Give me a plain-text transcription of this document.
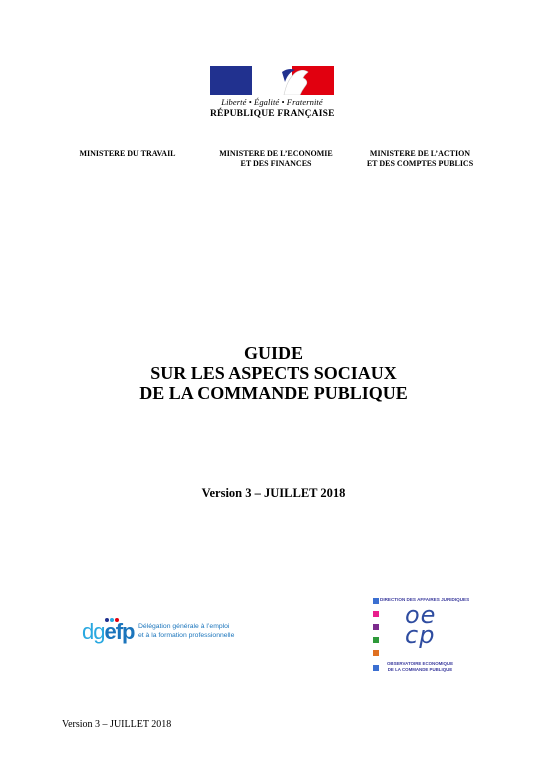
Liberté • Égalité • Fraternité
RÉPUBLIQUE FRANÇAISE
MINISTERE DU TRAVAIL	MINISTERE DE L’ECONOMIE
ET DES FINANCES
MINISTERE DE L’ACTION
ET DES COMPTES PUBLICS
GUIDE
SUR LES ASPECTS SOCIAUX
DE LA COMMANDE PUBLIQUE
Version 3 – JUILLET 2018
dgefp Délégation générale à l’emploi
et à la formation professionnelle
DIRECTION DES AFFAIRES JURIDIQUES
oe
cp
OBSERVATOIRE ECONOMIQUE
DE LA COMMANDE PUBLIQUE
Version 3 – JUILLET 2018
